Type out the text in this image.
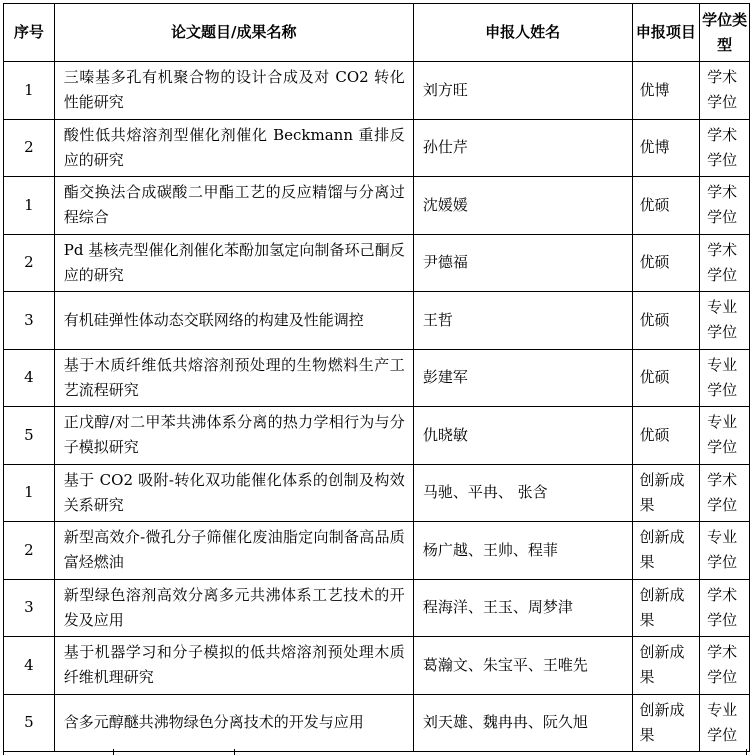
序号	论文题目/成果名称	申报人姓名	申报项目	学位类型
1	三嗪基多孔有机聚合物的设计合成及对 CO2 转化性能研究	刘方旺	优博	学术学位
2	酸性低共熔溶剂型催化剂催化 Beckmann 重排反应的研究	孙仕芹	优博	学术学位
1	酯交换法合成碳酸二甲酯工艺的反应精馏与分离过程综合	沈媛媛	优硕	学术学位
2	Pd 基核壳型催化剂催化苯酚加氢定向制备环己酮反应的研究	尹德福	优硕	学术学位
3	有机硅弹性体动态交联网络的构建及性能调控	王哲	优硕	专业学位
4	基于木质纤维低共熔溶剂预处理的生物燃料生产工艺流程研究	彭建军	优硕	专业学位
5	正戊醇/对二甲苯共沸体系分离的热力学相行为与分子模拟研究	仇晓敏	优硕	专业学位
1	基于 CO2 吸附-转化双功能催化体系的创制及构效关系研究	马驰、平冉、 张含	创新成果	学术学位
2	新型高效介-微孔分子筛催化废油脂定向制备高品质富烃燃油	杨广越、王帅、程菲	创新成果	专业学位
3	新型绿色溶剂高效分离多元共沸体系工艺技术的开发及应用	程海洋、王玉、周梦津	创新成果	学术学位
4	基于机器学习和分子模拟的低共熔溶剂预处理木质纤维机理研究	葛瀚文、朱宝平、王唯先	创新成果	学术学位
5	含多元醇醚共沸物绿色分离技术的开发与应用	刘天雄、魏冉冉、阮久旭	创新成果	专业学位
